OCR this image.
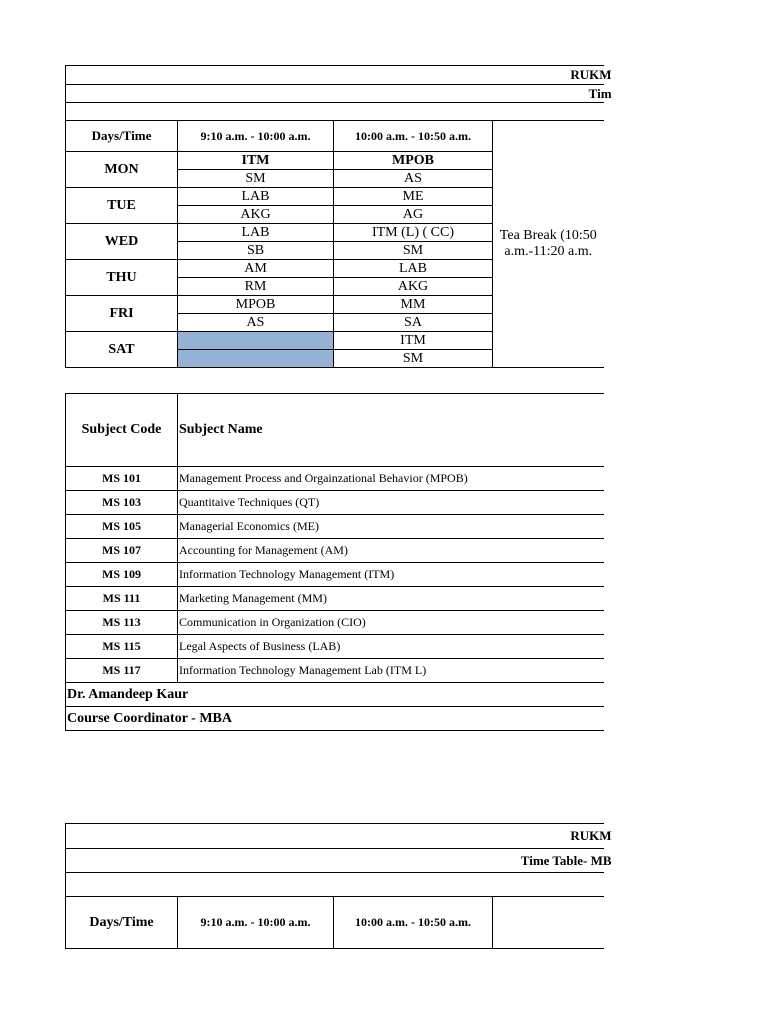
RUKM			

Tim			

Days/Time	9:10 a.m. - 10:00 a.m.	10:00 a.m. - 10:50 a.m.	Tea Break (10:50 a.m.-11:20 a.m.
MON	ITM	MPOB	
	SM	AS	
TUE	LAB	ME	
	AKG	AG	
WED	LAB	ITM (L) ( CC)	
	SB	SM	
THU	AM	LAB	
	RM	AKG	
FRI	MPOB	MM	
	AS	SA	
SAT		ITM	
		SM	
Subject Code	Subject Name
MS 101	Management Process and Orgainzational Behavior (MPOB)
MS 103	Quantitaive Techniques (QT)
MS 105	Managerial Economics (ME)
MS 107	Accounting for Management (AM)
MS 109	Information Technology Management (ITM)
MS 111	Marketing Management (MM)
MS 113	Communication in Organization (CIO)
MS 115	Legal Aspects of Business (LAB)
MS 117	Information Technology Management Lab (ITM L)
Dr. Amandeep Kaur	
Course Coordinator - MBA	
RUKM

Time Table- MB

Days/Time	9:10 a.m. - 10:00 a.m.	10:00 a.m. - 10:50 a.m.	
